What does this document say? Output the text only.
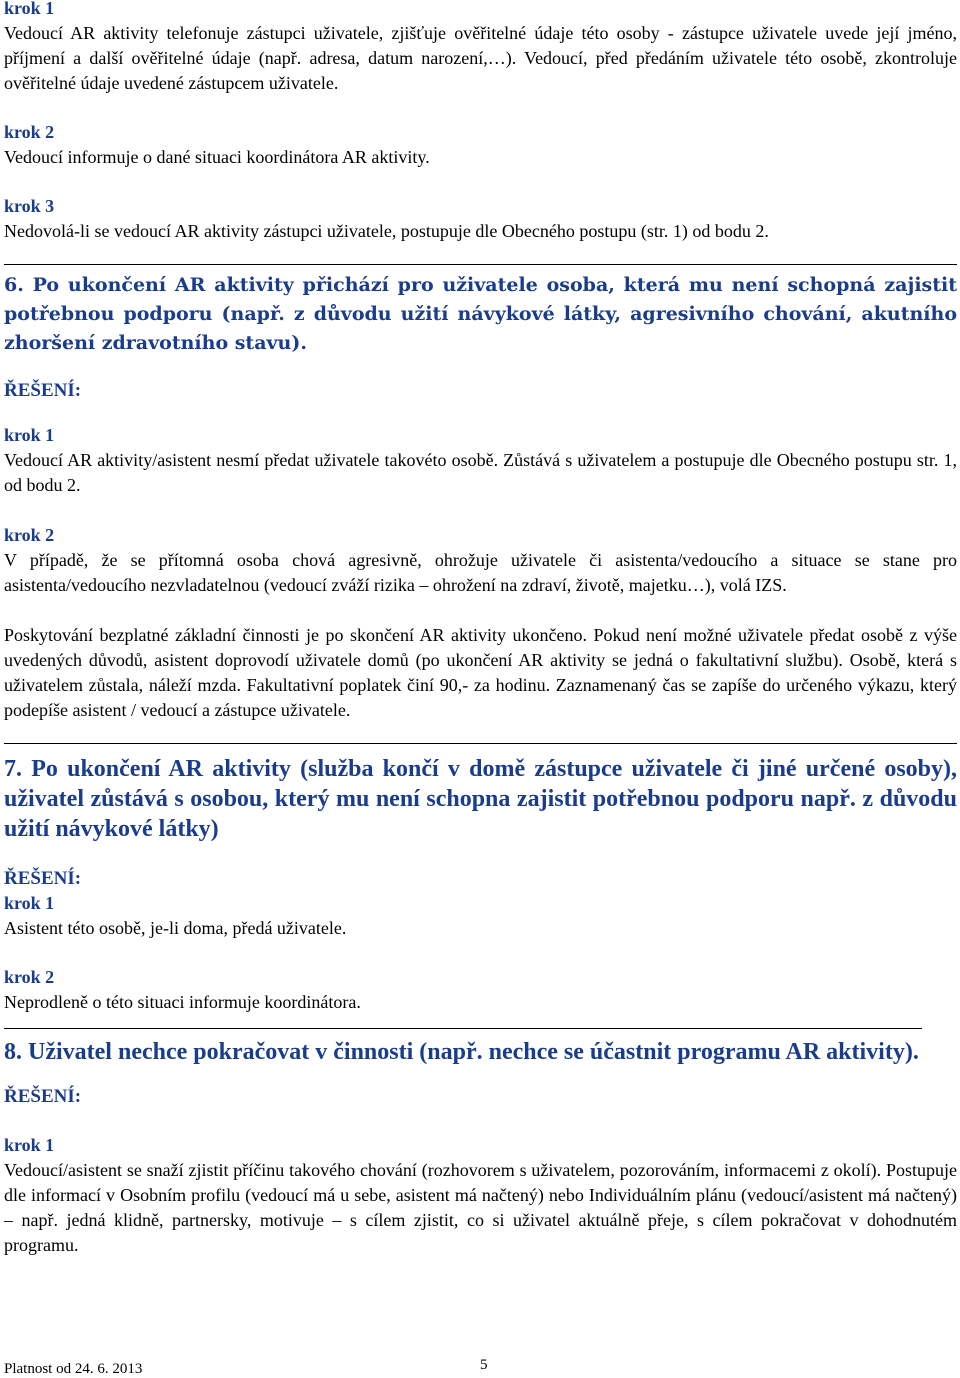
krok 1
Vedoucí AR aktivity telefonuje zástupci uživatele, zjišťuje ověřitelné údaje této osoby - zástupce uživatele uvede její jméno, příjmení a další ověřitelné údaje (např. adresa, datum narození,…). Vedoucí, před předáním uživatele této osobě, zkontroluje ověřitelné údaje uvedené zástupcem uživatele.
krok 2
Vedoucí informuje o dané situaci koordinátora AR aktivity.
krok 3
Nedovolá-li se vedoucí AR aktivity zástupci uživatele, postupuje dle Obecného postupu (str. 1) od bodu 2.
6. Po ukončení AR aktivity přichází pro uživatele osoba, která mu není schopná zajistit potřebnou podporu (např. z důvodu užití návykové látky, agresivního chování, akutního zhoršení zdravotního stavu).
ŘEŠENÍ:
krok 1
Vedoucí AR aktivity/asistent nesmí předat uživatele takovéto osobě. Zůstává s uživatelem a postupuje dle Obecného postupu str. 1, od bodu 2.
krok 2
V případě, že se přítomná osoba chová agresivně, ohrožuje uživatele či asistenta/vedoucího a situace se stane pro asistenta/vedoucího nezvladatelnou (vedoucí zváží rizika – ohrožení na zdraví, životě, majetku…), volá IZS.
Poskytování bezplatné základní činnosti je po skončení AR aktivity ukončeno. Pokud není možné uživatele předat osobě z výše uvedených důvodů, asistent doprovodí uživatele domů (po ukončení AR aktivity se jedná o fakultativní službu). Osobě, která s uživatelem zůstala, náleží mzda. Fakultativní poplatek činí 90,- za hodinu. Zaznamenaný čas se zapíše do určeného výkazu, který podepíše asistent / vedoucí a zástupce uživatele.
7. Po ukončení AR aktivity (služba končí v domě zástupce uživatele či jiné určené osoby), uživatel zůstává s osobou, který mu není schopna zajistit potřebnou podporu např. z důvodu užití návykové látky)
ŘEŠENÍ:
krok 1
Asistent této osobě, je-li doma, předá uživatele.
krok 2
Neprodleně o této situaci informuje koordinátora.
8. Uživatel nechce pokračovat v činnosti (např. nechce se účastnit programu AR aktivity).
ŘEŠENÍ:
krok 1
Vedoucí/asistent se snaží zjistit příčinu takového chování (rozhovorem s uživatelem, pozorováním, informacemi z okolí). Postupuje dle informací v Osobním profilu (vedoucí má u sebe, asistent má načtený) nebo Individuálním plánu (vedoucí/asistent má načtený) – např. jedná klidně, partnersky, motivuje – s cílem zjistit, co si uživatel aktuálně přeje, s cílem pokračovat v dohodnutém programu.
Platnost od 24. 6. 2013	5
